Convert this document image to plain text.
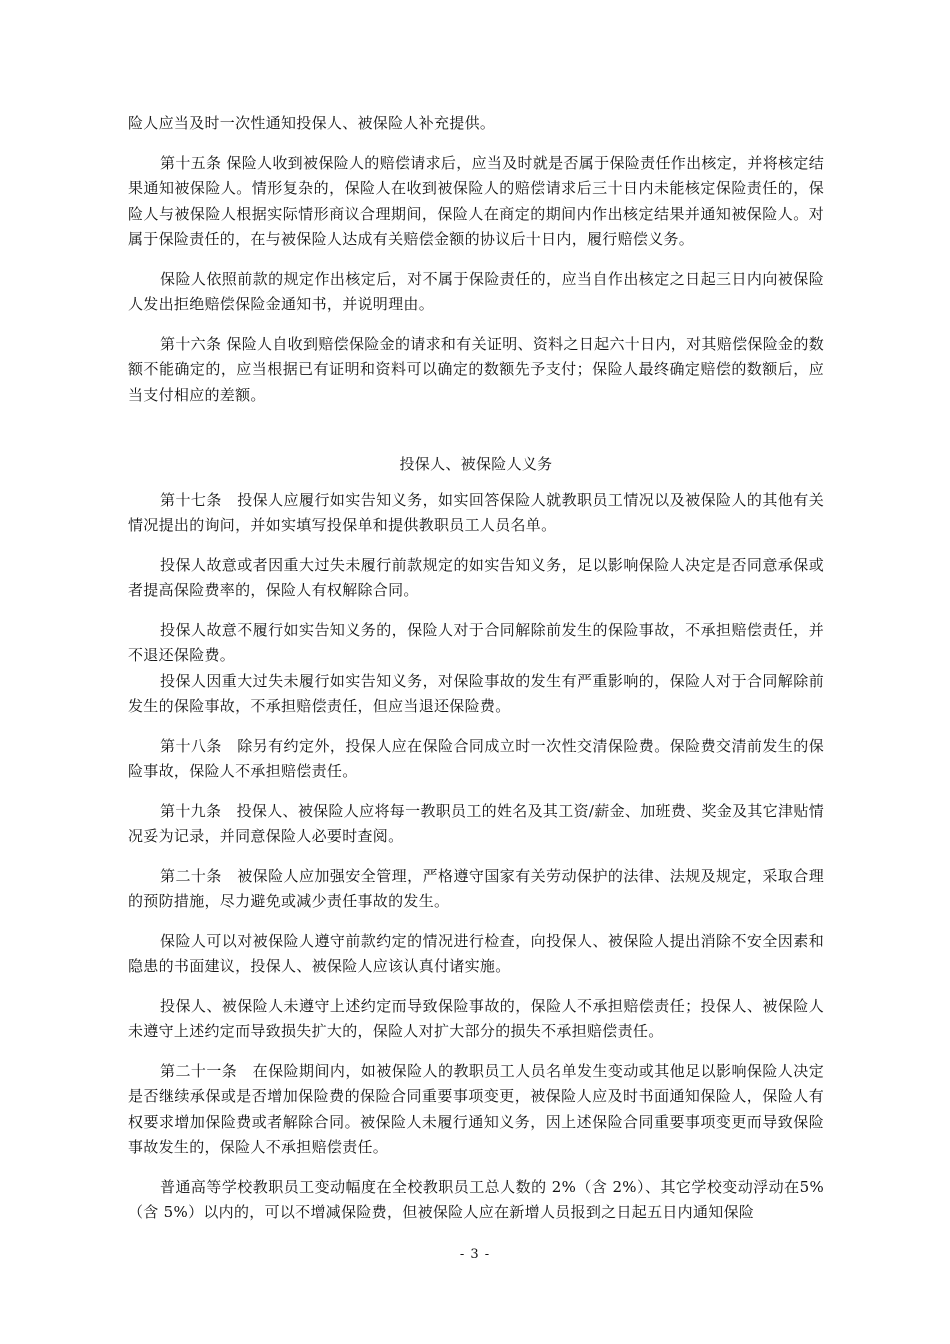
险人应当及时一次性通知投保人、被保险人补充提供。

第十五条 保险人收到被保险人的赔偿请求后，应当及时就是否属于保险责任作出核定，并将核定结果通知被保险人。情形复杂的，保险人在收到被保险人的赔偿请求后三十日内未能核定保险责任的，保险人与被保险人根据实际情形商议合理期间，保险人在商定的期间内作出核定结果并通知被保险人。对属于保险责任的，在与被保险人达成有关赔偿金额的协议后十日内，履行赔偿义务。

保险人依照前款的规定作出核定后，对不属于保险责任的，应当自作出核定之日起三日内向被保险人发出拒绝赔偿保险金通知书，并说明理由。

第十六条 保险人自收到赔偿保险金的请求和有关证明、资料之日起六十日内，对其赔偿保险金的数额不能确定的，应当根据已有证明和资料可以确定的数额先予支付；保险人最终确定赔偿的数额后，应当支付相应的差额。

投保人、被保险人义务

第十七条　投保人应履行如实告知义务，如实回答保险人就教职员工情况以及被保险人的其他有关情况提出的询问，并如实填写投保单和提供教职员工人员名单。

投保人故意或者因重大过失未履行前款规定的如实告知义务，足以影响保险人决定是否同意承保或者提高保险费率的，保险人有权解除合同。

投保人故意不履行如实告知义务的，保险人对于合同解除前发生的保险事故，不承担赔偿责任，并不退还保险费。

投保人因重大过失未履行如实告知义务，对保险事故的发生有严重影响的，保险人对于合同解除前发生的保险事故，不承担赔偿责任，但应当退还保险费。

第十八条　除另有约定外，投保人应在保险合同成立时一次性交清保险费。保险费交清前发生的保险事故，保险人不承担赔偿责任。

第十九条　投保人、被保险人应将每一教职员工的姓名及其工资/薪金、加班费、奖金及其它津贴情况妥为记录，并同意保险人必要时查阅。

第二十条　被保险人应加强安全管理，严格遵守国家有关劳动保护的法律、法规及规定，采取合理的预防措施，尽力避免或减少责任事故的发生。

保险人可以对被保险人遵守前款约定的情况进行检查，向投保人、被保险人提出消除不安全因素和隐患的书面建议，投保人、被保险人应该认真付诸实施。

投保人、被保险人未遵守上述约定而导致保险事故的，保险人不承担赔偿责任；投保人、被保险人未遵守上述约定而导致损失扩大的，保险人对扩大部分的损失不承担赔偿责任。

第二十一条　在保险期间内，如被保险人的教职员工人员名单发生变动或其他足以影响保险人决定是否继续承保或是否增加保险费的保险合同重要事项变更，被保险人应及时书面通知保险人，保险人有权要求增加保险费或者解除合同。被保险人未履行通知义务，因上述保险合同重要事项变更而导致保险事故发生的，保险人不承担赔偿责任。

普通高等学校教职员工变动幅度在全校教职员工总人数的 2%（含 2%）、其它学校变动浮动在5%（含 5%）以内的，可以不增减保险费，但被保险人应在新增人员报到之日起五日内通知保险

- 3 -
